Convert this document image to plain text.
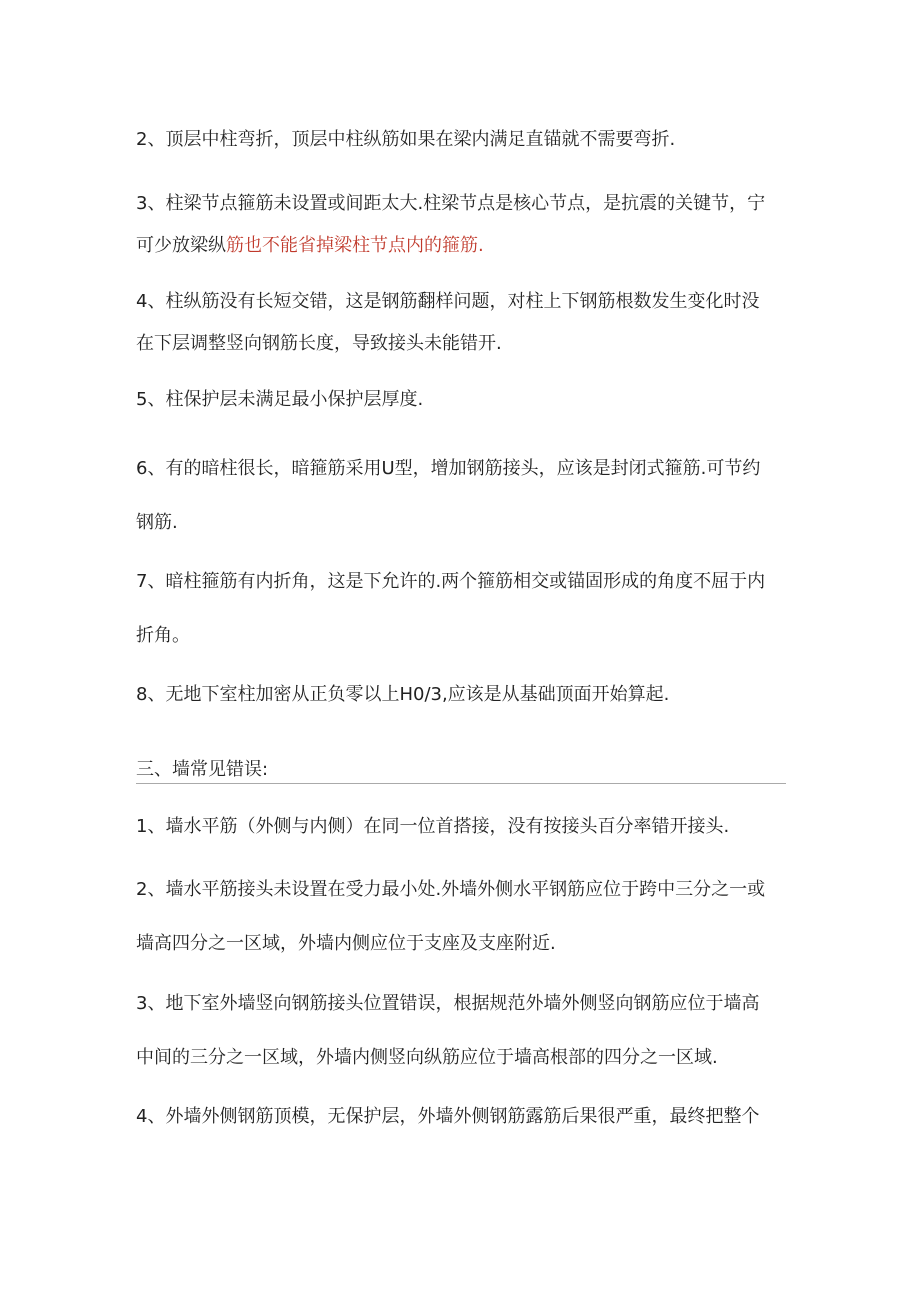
2、顶层中柱弯折，顶层中柱纵筋如果在梁内满足直锚就不需要弯折.
3、柱梁节点箍筋未设置或间距太大.柱梁节点是核心节点，是抗震的关键节，宁
可少放梁纵筋也不能省掉梁柱节点内的箍筋.
4、柱纵筋没有长短交错，这是钢筋翻样问题，对柱上下钢筋根数发生变化时没
在下层调整竖向钢筋长度，导致接头未能错开.
5、柱保护层未满足最小保护层厚度.
6、有的暗柱很长，暗箍筋采用U型，增加钢筋接头，应该是封闭式箍筋.可节约
钢筋.
7、暗柱箍筋有内折角，这是下允许的.两个箍筋相交或锚固形成的角度不屈于内
折角。
8、无地下室柱加密从正负零以上H0/3,应该是从基础顶面开始算起.
三、墙常见错误:
1、墙水平筋（外侧与内侧）在同一位首搭接，没有按接头百分率错开接头.
2、墙水平筋接头未设置在受力最小处.外墙外侧水平钢筋应位于跨中三分之一或
墙高四分之一区域，外墙内侧应位于支座及支座附近.
3、地下室外墙竖向钢筋接头位置错误，根据规范外墙外侧竖向钢筋应位于墙高
中间的三分之一区域，外墙内侧竖向纵筋应位于墙高根部的四分之一区域.
4、外墙外侧钢筋顶模，无保护层，外墙外侧钢筋露筋后果很严重，最终把整个
